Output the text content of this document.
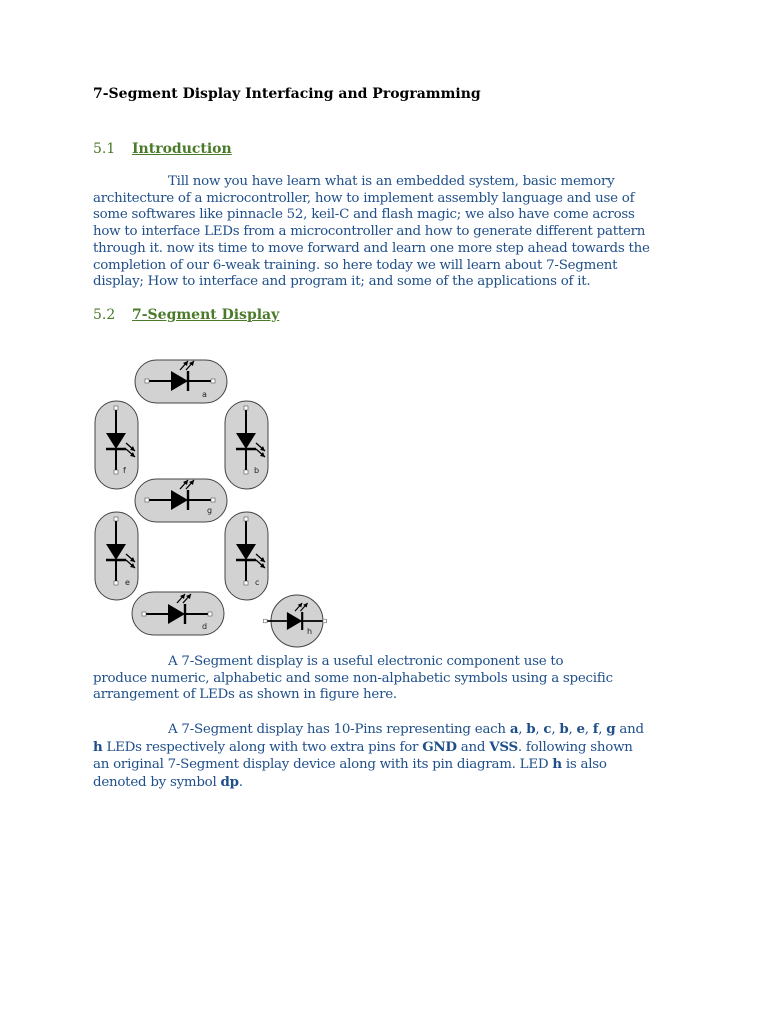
7-Segment Display Interfacing and Programming
5.1 Introduction

Till now you have learn what is an embedded system, basic memory
architecture of a microcontroller, how to implement assembly language and use of
some softwares like pinnacle 52, keil-C and flash magic; we also have come across
how to interface LEDs from a microcontroller and how to generate different pattern
through it. now its time to move forward and learn one more step ahead towards the
completion of our 6-weak training. so here today we will learn about 7-Segment
display; How to interface and program it; and some of the applications of it.

5.2 7-Segment Display
a
f	b
g
e	c
d
h

A 7-Segment display is a useful electronic component use to
produce numeric, alphabetic and some non-alphabetic symbols using a specific
arrangement of LEDs as shown in figure here.

A 7-Segment display has 10-Pins representing each a, b, c, b, e, f, g and
h LEDs respectively along with two extra pins for GND and VSS. following shown
an original 7-Segment display device along with its pin diagram. LED h is also
denoted by symbol dp.
